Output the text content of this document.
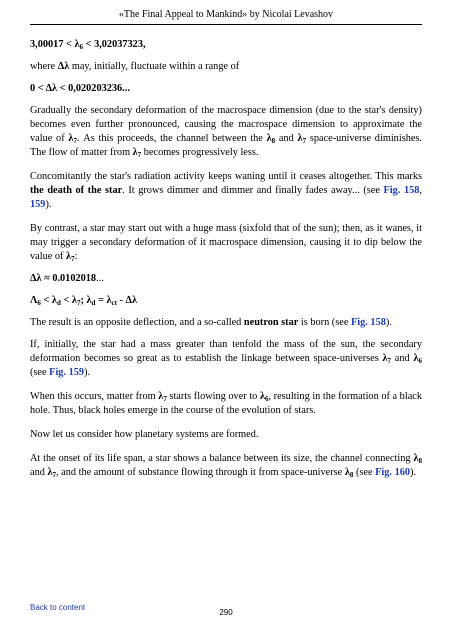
«The Final Appeal to Mankind» by Nicolai Levashov

$3,00017 < \lambda_6 < 3,02037323$,

where Δλ may, initially, fluctuate within a range of

0 < Δλ < 0,020203236...

Gradually the secondary deformation of the macrospace dimension (due to the star's density) becomes even further pronounced, causing the macrospace dimension to approximate the value of $\lambda_7$. As this proceeds, the channel between the $\lambda_8$ and $\lambda_7$ space-universe diminishes. The flow of matter from $\lambda_7$ becomes progressively less.

Concomitantly the star's radiation activity keeps waning until it ceases altogether. This marks the death of the star. It grows dimmer and dimmer and finally fades away... (see Fig. 158, 159).

By contrast, a star may start out with a huge mass (sixfold that of the sun); then, as it wanes, it may trigger a secondary deformation of it macrospace dimension, causing it to dip below the value of $\lambda_7$:

Δλ ≈ 0.0102018...

$\Lambda_6 < \lambda_d < \lambda_7$; $\lambda_d = \lambda_{ct} - \Delta\lambda$

The result is an opposite deflection, and a so-called neutron star is born (see Fig. 158).

If, initially, the star had a mass greater than tenfold the mass of the sun, the secondary deformation becomes so great as to establish the linkage between space-universes $\lambda_7$ and $\lambda_6$ (see Fig. 159).

When this occurs, matter from $\lambda_7$ starts flowing over to $\lambda_6$, resulting in the formation of a black hole. Thus, black holes emerge in the course of the evolution of stars.

Now let us consider how planetary systems are formed.

At the onset of its life span, a star shows a balance between its size, the channel connecting $\lambda_8$ and $\lambda_7$, and the amount of substance flowing through it from space-universe $\lambda_8$ (see Fig. 160).

Back to content
290
